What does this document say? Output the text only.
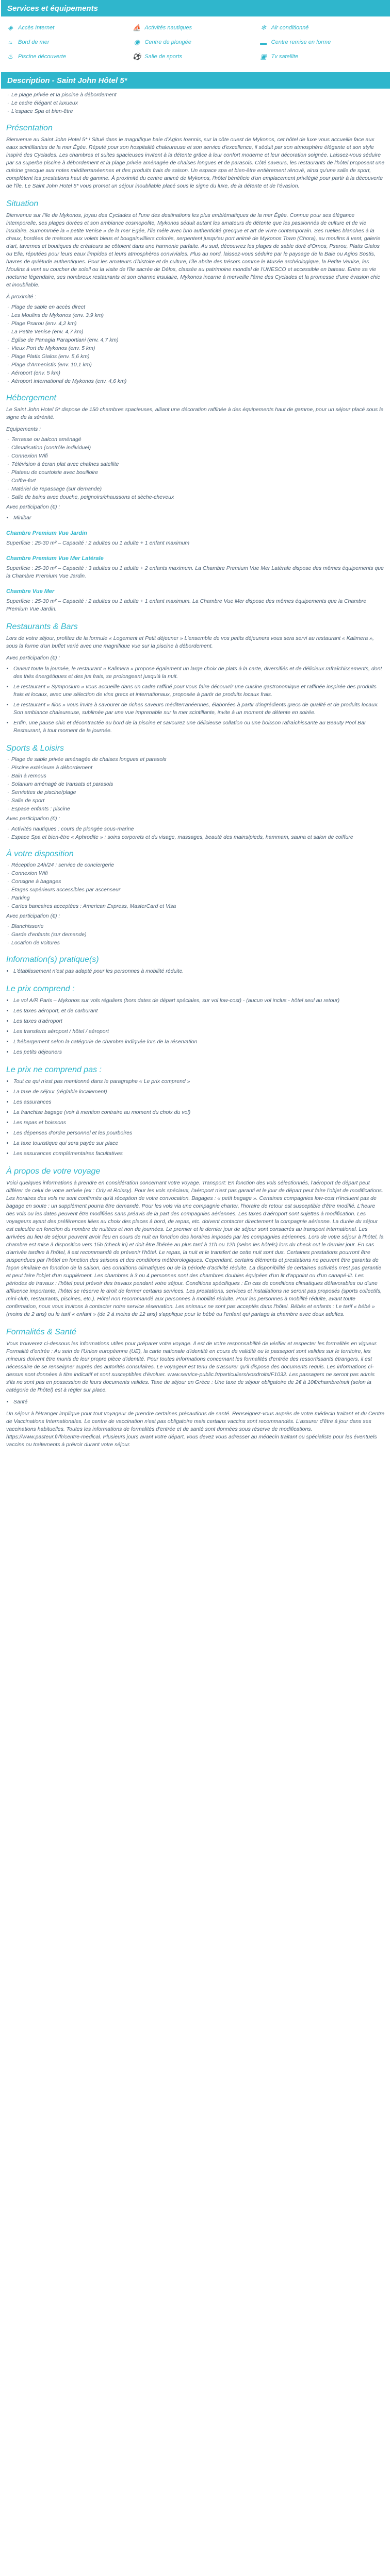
Services et équipements
◈ Accès Internet	⛵ Activités nautiques	❄ Air conditionné
≈	Bord de mer	◉ Centre de plongée	▬ Centre remise en forme
♨ Piscine découverte	⚽ Salle de sports	▣ Tv satellite
Description - Saint John Hôtel 5*
· Le plage privée et la piscine à débordement
· Le cadre élégant et luxueux
· L'espace Spa et bien-être
Présentation

Bienvenue au Saint John Hotel 5* ! Situé dans le magnifique baie d'Agios Ioannis, sur la côte ouest de Mykonos, cet hôtel de luxe vous accueille face aux eaux scintillantes de la mer Égée. Réputé pour son hospitalité chaleureuse et son service d'excellence, il séduit par son atmosphère élégante et son style inspiré des Cyclades. Les chambres et suites spacieuses invitent à la détente grâce à leur confort moderne et leur décoration soignée. Laissez-vous séduire par sa superbe piscine à débordement et la plage privée aménagée de chaises longues et de parasols. Côté saveurs, les restaurants de l'hôtel proposent une cuisine grecque aux notes méditerranéennes et des produits frais de saison. Un espace spa et bien-être entièrement rénové, ainsi qu'une salle de sport, complètent les prestations haut de gamme. À proximité du centre animé de Mykonos, l'hôtel bénéficie d'un emplacement privilégié pour partir à la découverte de l'île. Le Saint John Hotel 5* vous promet un séjour inoubliable placé sous le signe du luxe, de la détente et de l'évasion.

Situation

Bienvenue sur l'île de Mykonos, joyau des Cyclades et l'une des destinations les plus emblématiques de la mer Égée. Connue pour ses élégance intemporelle, ses plages dorées et son ambiance cosmopolite, Mykonos séduit autant les amateurs de détente que les passionnés de culture et de vie insulaire. Surnommée la « petite Venise » de la mer Égée, l'île mêle avec brio authenticité grecque et art de vivre contemporain. Ses ruelles blanches à la chaux, bordées de maisons aux volets bleus et bougainvilliers colorés, serpentent jusqu'au port animé de Mykonos Town (Chora), au moulins à vent, galerie d'art, tavernes et boutiques de créateurs se côtoient dans une harmonie parfaite. Au sud, découvrez les plages de sable doré d'Ornos, Psarou, Platis Gialos ou Elia, réputées pour leurs eaux limpides et leurs atmosphères conviviales. Plus au nord, laissez-vous séduire par le paysage de la Baie ou Agios Sostis, havres de quiétude authentiques. Pour les amateurs d'histoire et de culture, l'île abrite des trésors comme le Musée archéologique, la Petite Venise, les Moulins à vent au coucher de soleil ou la visite de l'île sacrée de Délos, classée au patrimoine mondial de l'UNESCO et accessible en bateau. Entre sa vie nocturne légendaire, ses nombreux restaurants et son charme insulaire, Mykonos incarne à merveille l'âme des Cyclades et la promesse d'une évasion chic et inoubliable.

À proximité :

· Plage de sable en accès direct
· Les Moulins de Mykonos (env. 3,9 km)
· Plage Psarou (env. 4,2 km)
· La Petite Venise (env. 4,7 km)
· Église de Panagia Paraportiani (env. 4,7 km)
· Vieux Port de Mykonos (env. 5 km)
· Plage Platis Gialos (env. 5,6 km)
· Plage d'Armenistis (env. 10,1 km)
· Aéroport (env. 5 km)
· Aéroport international de Mykonos (env. 4,6 km)
Hébergement

Le Saint John Hotel 5* dispose de 150 chambres spacieuses, alliant une décoration raffinée à des équipements haut de gamme, pour un séjour placé sous le signe de la sérénité.

Equipements :

· Terrasse ou balcon aménagé
· Climatisation (contrôle individuel)
· Connexion Wifi
· Télévision à écran plat avec chaînes satellite
· Plateau de courtoisie avec bouilloire
· Coffre-fort
· Matériel de repassage (sur demande)
· Salle de bains avec douche, peignoirs/chaussons et sèche-cheveux

Avec participation (€) :

• Minibar
Chambre Premium Vue Jardin

Superficie : 25-30 m² – Capacité : 2 adultes ou 1 adulte + 1 enfant maximum

Chambre Premium Vue Mer Latérale

Superficie : 25-30 m² – Capacité : 3 adultes ou 1 adulte + 2 enfants maximum. La Chambre Premium Vue Mer Latérale dispose des mêmes équipements que la Chambre Premium Vue Jardin.

Chambre Vue Mer

Superficie : 25-30 m² – Capacité : 2 adultes ou 1 adulte + 1 enfant maximum. La Chambre Vue Mer dispose des mêmes équipements que la Chambre Premium Vue Jardin.

Restaurants & Bars

Lors de votre séjour, profitez de la formule « Logement et Petit déjeuner » L'ensemble de vos petits déjeuners vous sera servi au restaurant « Kalimera », sous la forme d'un buffet varié avec une magnifique vue sur la piscine à débordement.

Avec participation (€) :

• Ouvert toute la journée, le restaurant « Kalimera » propose également un large choix de plats à la carte, diversifiés et de délicieux rafraîchissements, dont des thés énergétiques et des jus frais, se prolongeant jusqu'à la nuit.
• Le restaurant « Symposium » vous accueille dans un cadre raffiné pour vous faire découvrir une cuisine gastronomique et raffinée inspirée des produits frais et locaux, avec une sélection de vins grecs et internationaux, proposée à partir de produits locaux frais.
• Le restaurant « Ilios » vous invite à savourer de riches saveurs méditerranéennes, élaborées à partir d'ingrédients grecs de qualité et de produits locaux. Son ambiance chaleureuse, sublimée par une vue imprenable sur la mer scintillante, invite à un moment de détente en soirée.
• Enfin, une pause chic et décontractée au bord de la piscine et savourez une délicieuse collation ou une boisson rafraîchissante au Beauty Pool Bar Restaurant, à tout moment de la journée.
Sports & Loisirs
· Plage de sable privée aménagée de chaises longues et parasols
· Piscine extérieure à débordement
· Bain à remous
· Solarium aménagé de transats et parasols
· Serviettes de piscine/plage
· Salle de sport
· Espace enfants : piscine

Avec participation (€) :

· Activités nautiques : cours de plongée sous-marine
· Espace Spa et bien-être « Aphrodite » : soins corporels et du visage, massages, beauté des mains/pieds, hammam, sauna et salon de coiffure
À votre disposition
· Réception 24h/24 : service de conciergerie
· Connexion Wifi
· Consigne à bagages
· Étages supérieurs accessibles par ascenseur
· Parking
· Cartes bancaires acceptées : American Express, MasterCard et Visa

Avec participation (€) :

· Blanchisserie
· Garde d'enfants (sur demande)
· Location de voitures
Information(s) pratique(s)
• L'établissement n'est pas adapté pour les personnes à mobilité réduite.
Le prix comprend :
• Le vol A/R Paris – Mykonos sur vols réguliers (hors dates de départ spéciales, sur vol low-cost) - (aucun vol inclus - hôtel seul au retour)
• Les taxes aéroport, et de carburant
• Les taxes d'aéroport
• Les transferts aéroport / hôtel / aéroport
• L'hébergement selon la catégorie de chambre indiquée lors de la réservation
• Les petits déjeuners
Le prix ne comprend pas :
• Tout ce qui n'est pas mentionné dans le paragraphe « Le prix comprend »
• La taxe de séjour (réglable localement)
• Les assurances
• La franchise bagage (voir à mention contraire au moment du choix du vol)
• Les repas et boissons
• Les dépenses d'ordre personnel et les pourboires
• La taxe touristique qui sera payée sur place
• Les assurances complémentaires facultatives
À propos de votre voyage

Voici quelques informations à prendre en considération concernant votre voyage. Transport: En fonction des vols sélectionnés, l'aéroport de départ peut différer de celui de votre arrivée (ex : Orly et Roissy). Pour les vols spéciaux, l'aéroport n'est pas garanti et le jour de départ peut faire l'objet de modifications. Les horaires des vols ne sont confirmés qu'à réception de votre convocation. Bagages : « petit bagage ». Certaines compagnies low-cost n'incluent pas de bagage en soute : un supplément pourra être demandé. Pour les vols via une compagnie charter, l'horaire de retour est susceptible d'être modifié. L'heure des vols ou les dates peuvent être modifiées sans préavis de la part des compagnies aériennes. Les taxes d'aéroport sont sujettes à modification. Les voyageurs ayant des préférences liées au choix des places à bord, de repas, etc. doivent contacter directement la compagnie aérienne. La durée du séjour est calculée en fonction du nombre de nuitées et non de journées. Le premier et le dernier jour de séjour sont consacrés au transport international. Les arrivées au lieu de séjour peuvent avoir lieu en cours de nuit en fonction des horaires imposés par les compagnies aériennes. Lors de votre séjour à l'hôtel, la chambre est mise à disposition vers 15h (check in) et doit être libérée au plus tard à 11h ou 12h (selon les hôtels) lors du check out le dernier jour. En cas d'arrivée tardive à l'hôtel, il est recommandé de prévenir l'hôtel. Le repas, la nuit et le transfert de cette nuit sont dus. Certaines prestations pourront être suspendues par l'hôtel en fonction des saisons et des conditions météorologiques. Cependant, certains éléments et prestations ne peuvent être garantis de façon similaire en fonction de la saison, des conditions climatiques ou de la période d'activité réduite. La disponibilité de certaines activités n'est pas garantie et peut faire l'objet d'un supplément. Les chambres à 3 ou 4 personnes sont des chambres doubles équipées d'un lit d'appoint ou d'un canapé-lit. Les périodes de travaux : l'hôtel peut prévoir des travaux pendant votre séjour. Conditions spécifiques : En cas de conditions climatiques défavorables ou d'une affluence importante, l'hôtel se réserve le droit de fermer certains services. Les prestations, services et installations ne seront pas proposés (sports collectifs, mini-club, restaurants, piscines, etc.). Hôtel non recommandé aux personnes à mobilité réduite. Pour les personnes à mobilité réduite, avant toute confirmation, nous vous invitons à contacter notre service réservation. Les animaux ne sont pas acceptés dans l'hôtel. Bébés et enfants : Le tarif « bébé » (moins de 2 ans) ou le tarif « enfant » (de 2 à moins de 12 ans) s'applique pour le bébé ou l'enfant qui partage la chambre avec deux adultes.

Formalités & Santé

Vous trouverez ci-dessous les informations utiles pour préparer votre voyage. Il est de votre responsabilité de vérifier et respecter les formalités en vigueur. Formalité d'entrée : Au sein de l'Union européenne (UE), la carte nationale d'identité en cours de validité ou le passeport sont valides sur le territoire, les mineurs doivent être munis de leur propre pièce d'identité. Pour toutes informations concernant les formalités d'entrée des ressortissants étrangers, il est nécessaire de se renseigner auprès des autorités consulaires. Le voyageur est tenu de s'assurer qu'il dispose des documents requis. Les informations ci-dessus sont données à titre indicatif et sont susceptibles d'évoluer. www.service-public.fr/particuliers/vosdroits/F1032. Les passagers ne seront pas admis s'ils ne sont pas en possession de leurs documents valides. Taxe de séjour en Grèce : Une taxe de séjour obligatoire de 2€ à 10€/chambre/nuit (selon la catégorie de l'hôtel) est à régler sur place.

• Santé

Un séjour à l'étranger implique pour tout voyageur de prendre certaines précautions de santé. Renseignez-vous auprès de votre médecin traitant et du Centre de Vaccinations Internationales. Le centre de vaccination n'est pas obligatoire mais certains vaccins sont recommandés. L'assurer d'être à jour dans ses vaccinations habituelles. Toutes les informations de formalités d'entrée et de santé sont données sous réserve de modifications. https://www.pasteur.fr/fr/centre-medical. Plusieurs jours avant votre départ, vous devez vous adresser au médecin traitant ou spécialiste pour les éventuels vaccins ou traitements à prévoir durant votre séjour.
